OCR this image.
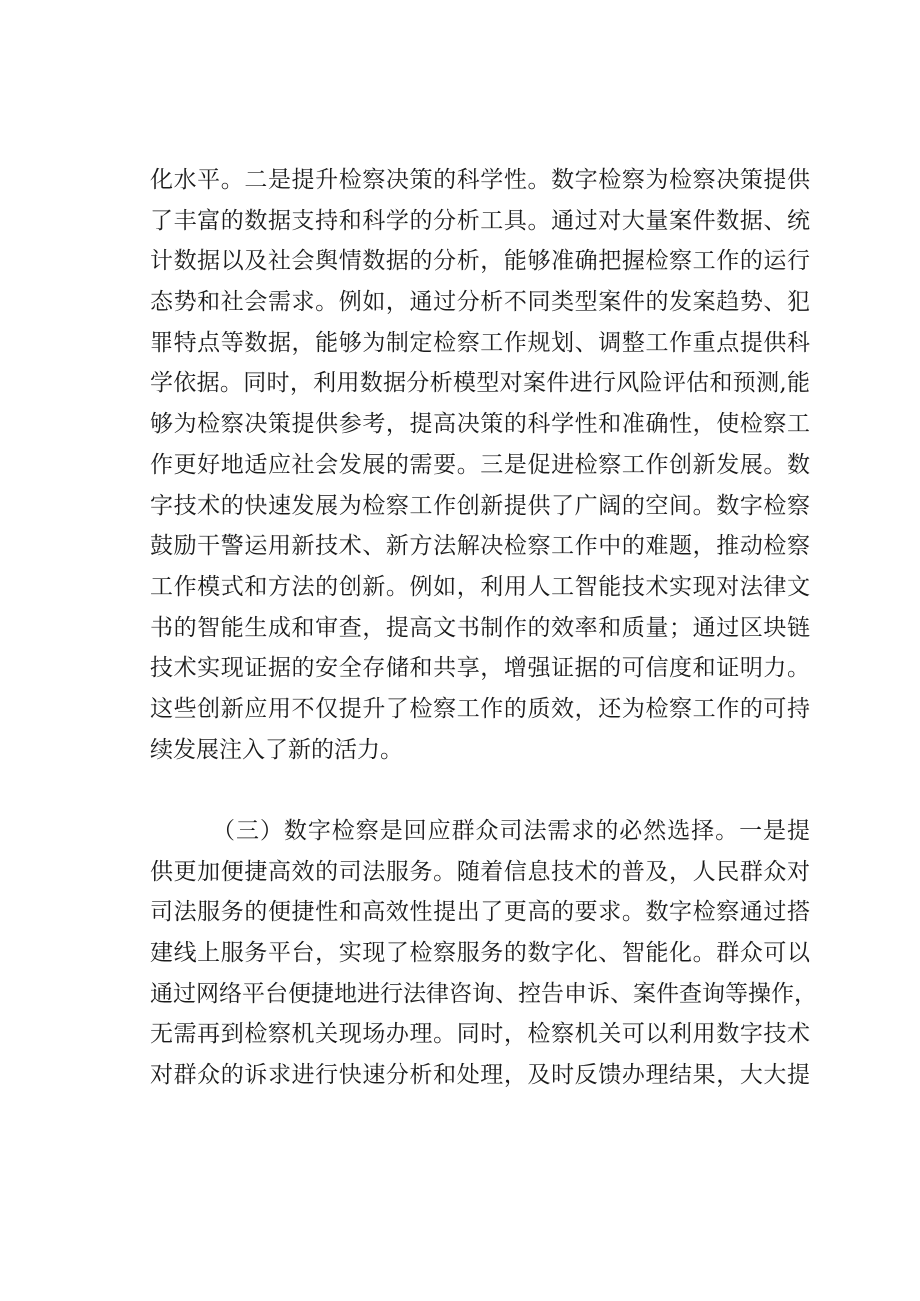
化水平。二是提升检察决策的科学性。数字检察为检察决策提供
了丰富的数据支持和科学的分析工具。通过对大量案件数据、统
计数据以及社会舆情数据的分析，能够准确把握检察工作的运行
态势和社会需求。例如，通过分析不同类型案件的发案趋势、犯
罪特点等数据，能够为制定检察工作规划、调整工作重点提供科
学依据。同时，利用数据分析模型对案件进行风险评估和预测,能
够为检察决策提供参考，提高决策的科学性和准确性，使检察工
作更好地适应社会发展的需要。三是促进检察工作创新发展。数
字技术的快速发展为检察工作创新提供了广阔的空间。数字检察
鼓励干警运用新技术、新方法解决检察工作中的难题，推动检察
工作模式和方法的创新。例如，利用人工智能技术实现对法律文
书的智能生成和审查，提高文书制作的效率和质量；通过区块链
技术实现证据的安全存储和共享，增强证据的可信度和证明力。
这些创新应用不仅提升了检察工作的质效，还为检察工作的可持
续发展注入了新的活力。
（三）数字检察是回应群众司法需求的必然选择。一是提
供更加便捷高效的司法服务。随着信息技术的普及，人民群众对
司法服务的便捷性和高效性提出了更高的要求。数字检察通过搭
建线上服务平台，实现了检察服务的数字化、智能化。群众可以
通过网络平台便捷地进行法律咨询、控告申诉、案件查询等操作，
无需再到检察机关现场办理。同时，检察机关可以利用数字技术
对群众的诉求进行快速分析和处理，及时反馈办理结果，大大提
